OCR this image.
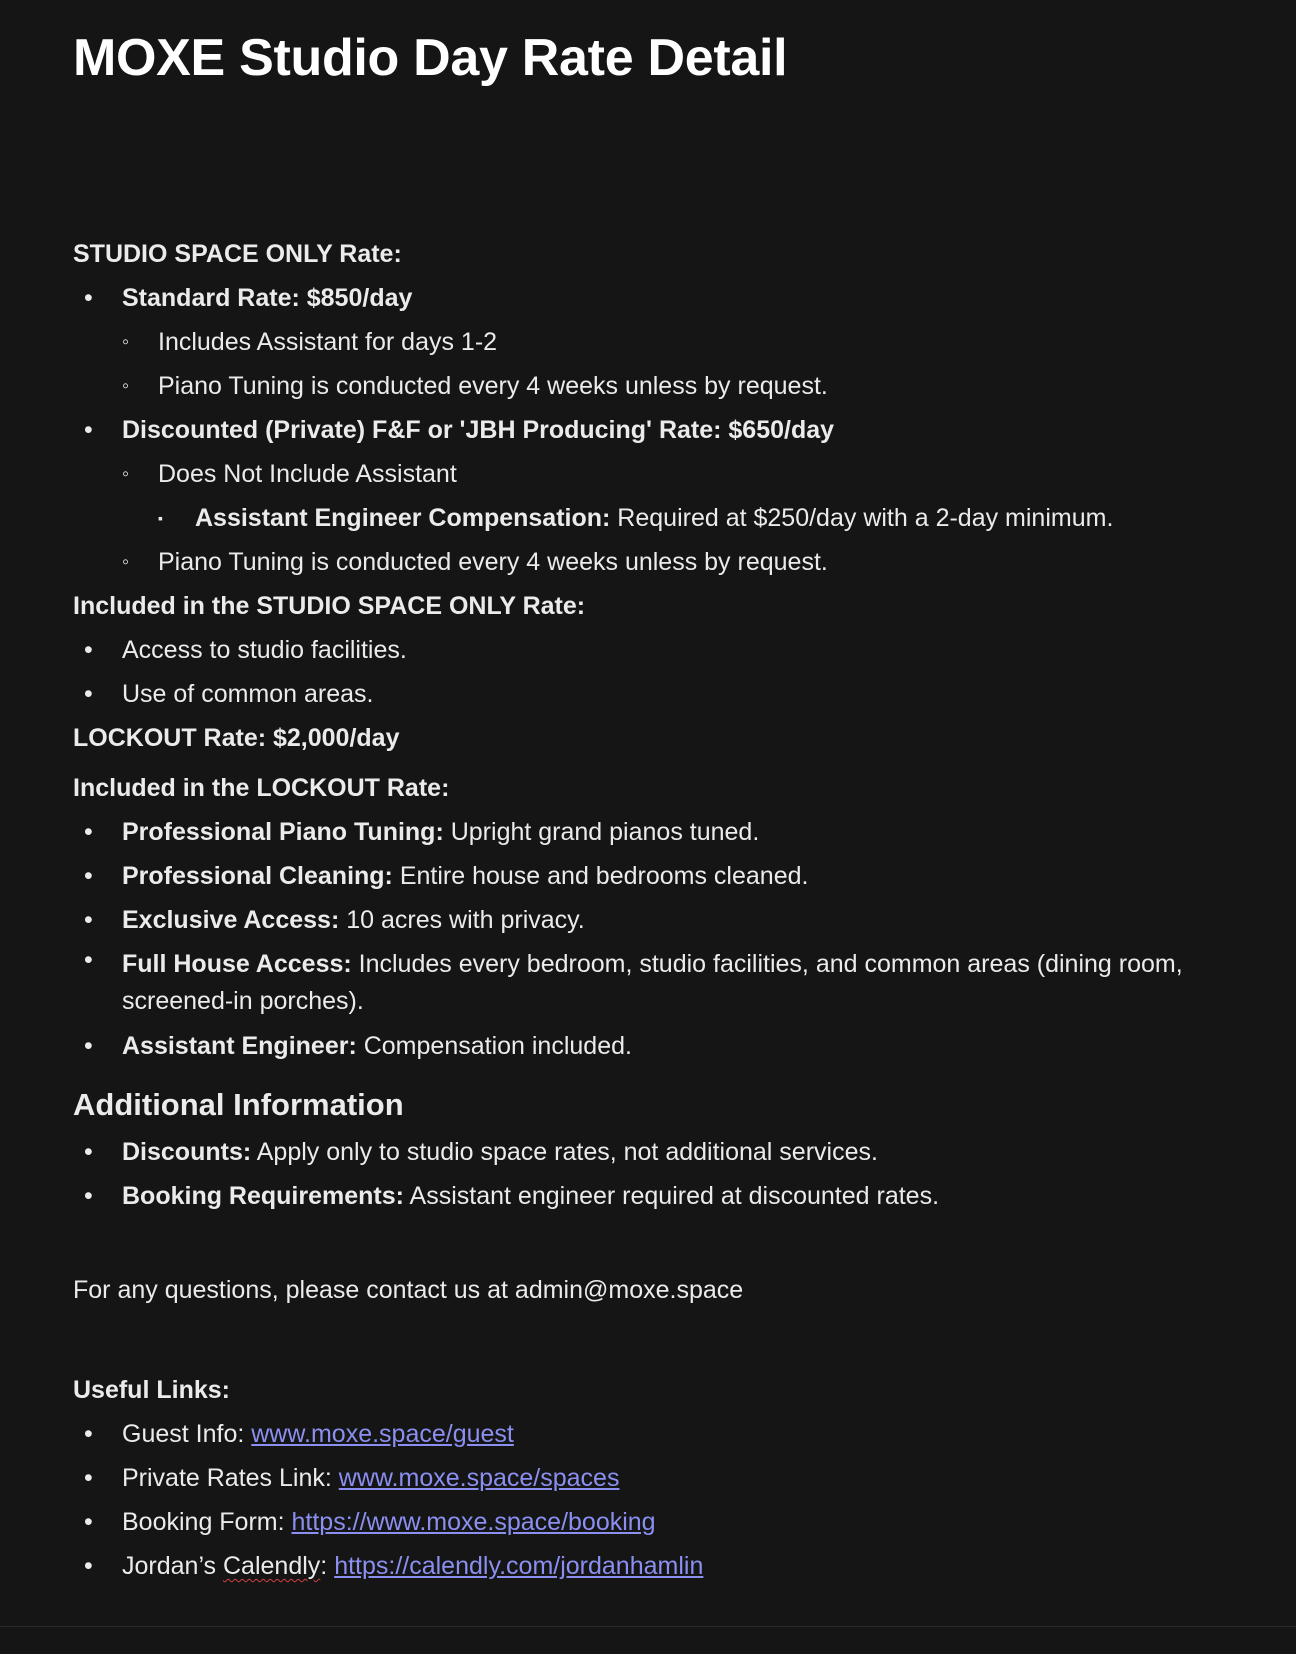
MOXE Studio Day Rate Detail

STUDIO SPACE ONLY Rate:

• Standard Rate: $850/day
◦ Includes Assistant for days 1-2
◦ Piano Tuning is conducted every 4 weeks unless by request.
• Discounted (Private) F&F or 'JBH Producing' Rate: $650/day
◦ Does Not Include Assistant
▪ Assistant Engineer Compensation: Required at $250/day with a 2-day minimum.
◦ Piano Tuning is conducted every 4 weeks unless by request.

Included in the STUDIO SPACE ONLY Rate:

• Access to studio facilities.
• Use of common areas.

LOCKOUT Rate: $2,000/day

Included in the LOCKOUT Rate:

• Professional Piano Tuning: Upright grand pianos tuned.
• Professional Cleaning: Entire house and bedrooms cleaned.
• Exclusive Access: 10 acres with privacy.
• Full House Access: Includes every bedroom, studio facilities, and common areas (dining room, screened-in porches).
• Assistant Engineer: Compensation included.
Additional Information
• Discounts: Apply only to studio space rates, not additional services.
• Booking Requirements: Assistant engineer required at discounted rates.

For any questions, please contact us at admin@moxe.space

Useful Links:

• Guest Info: www.moxe.space/guest
• Private Rates Link: www.moxe.space/spaces
• Booking Form: https://www.moxe.space/booking
• Jordan’s Calendly: https://calendly.com/jordanhamlin
